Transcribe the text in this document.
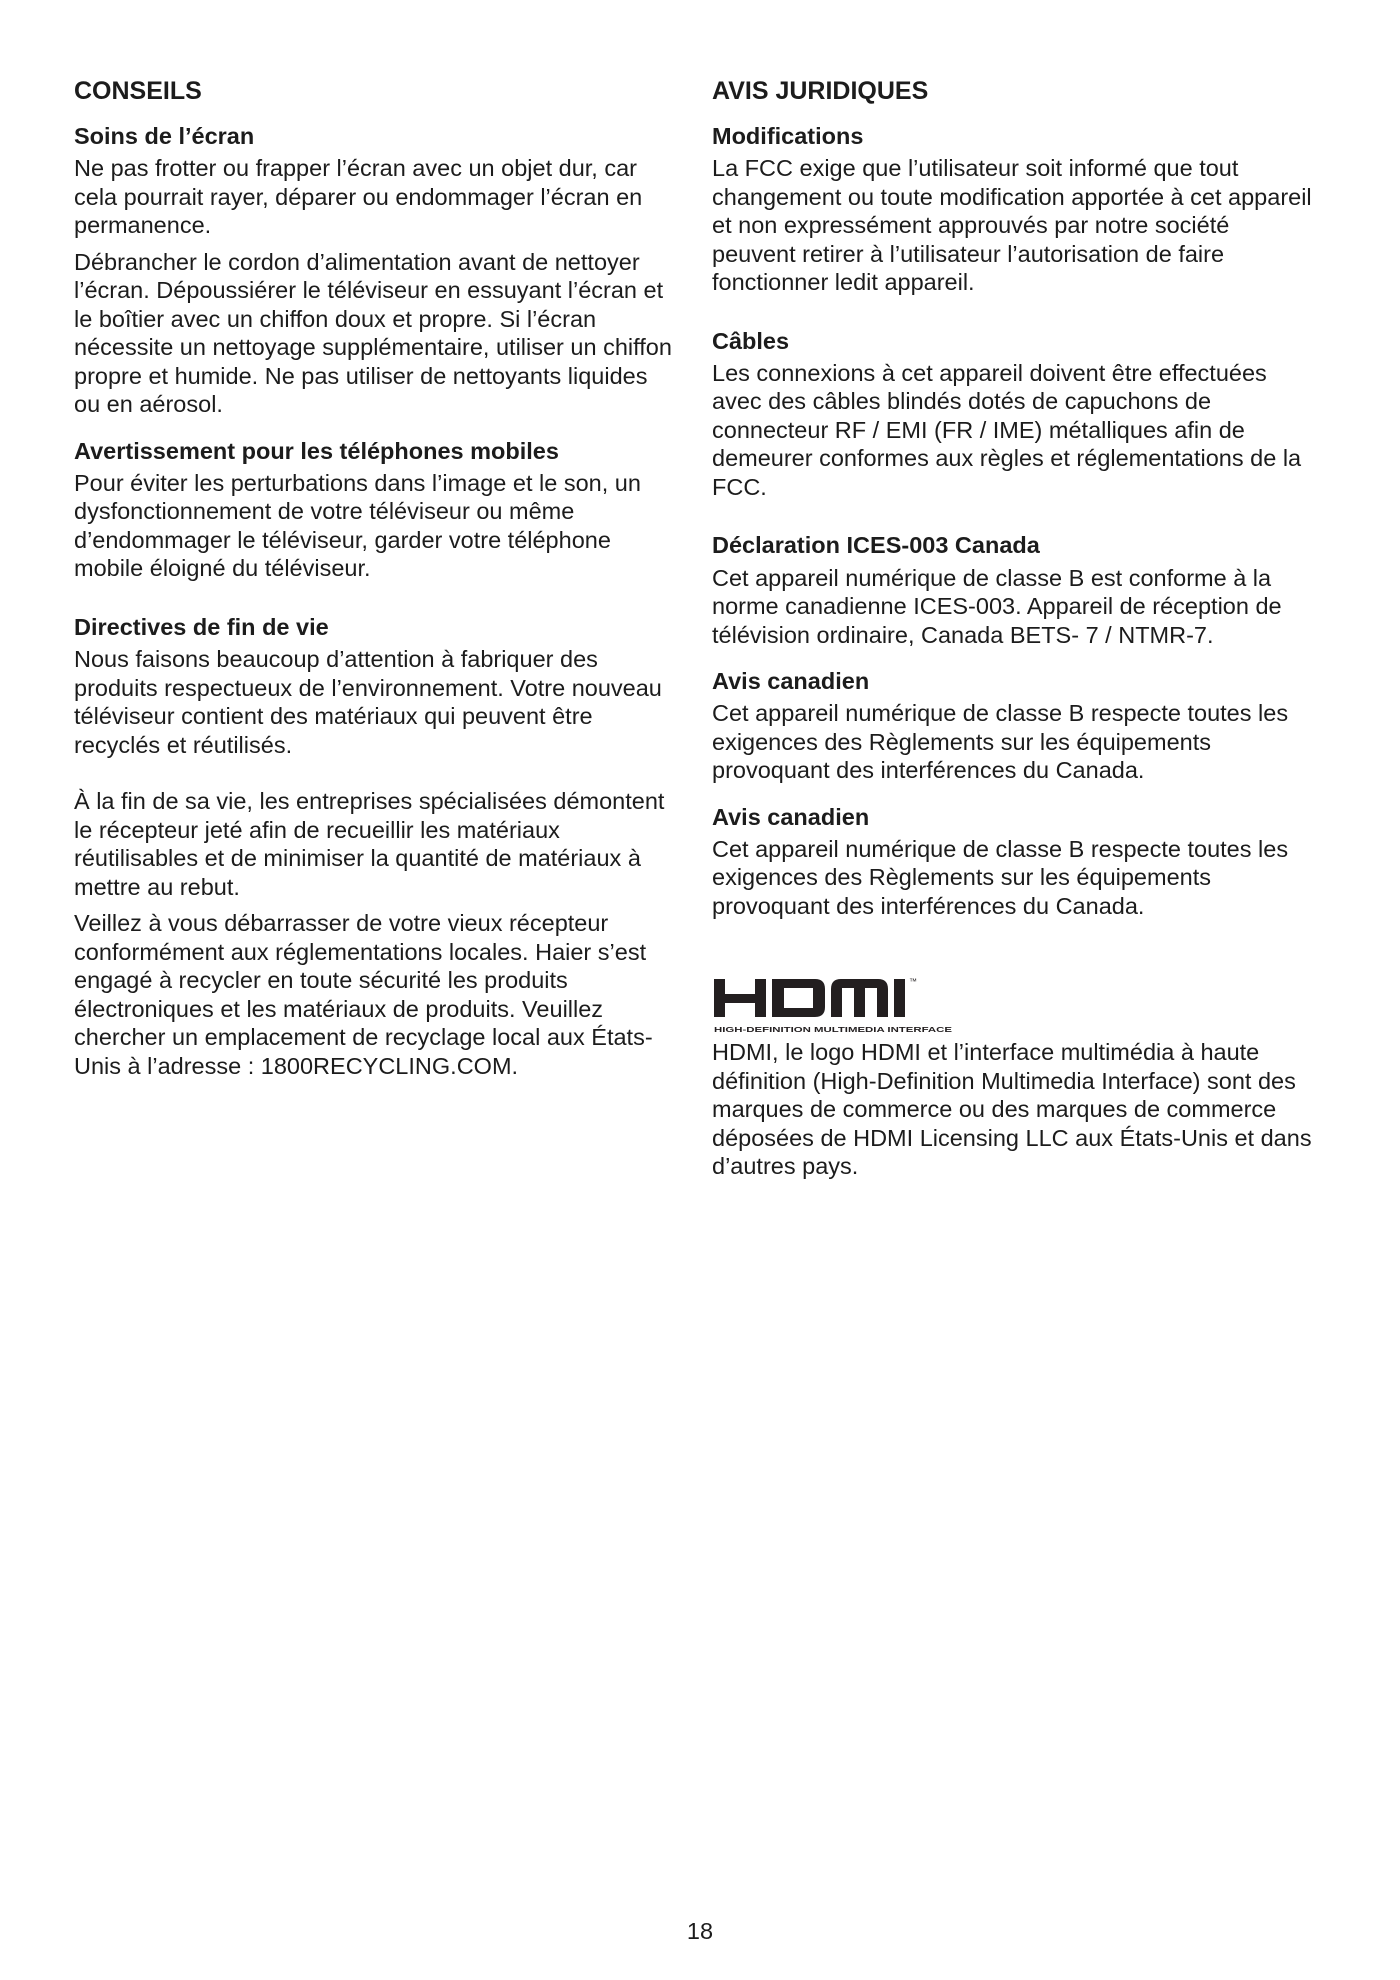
CONSEILS
Soins de l’écran

Ne pas frotter ou frapper l’écran avec un objet dur, car cela pourrait rayer, déparer ou endommager l’écran en permanence.

Débrancher le cordon d’alimentation avant de nettoyer l’écran. Dépoussiérer le téléviseur en essuyant l’écran et le boîtier avec un chiffon doux et propre. Si l’écran nécessite un nettoyage supplémentaire, utiliser un chiffon propre et humide. Ne pas utiliser de nettoyants liquides ou en aérosol.

Avertissement pour les téléphones mobiles

Pour éviter les perturbations dans l’image et le son, un dysfonctionnement de votre téléviseur ou même d’endommager le téléviseur, garder votre téléphone mobile éloigné du téléviseur.

Directives de fin de vie

Nous faisons beaucoup d’attention à fabriquer des produits respectueux de l’environnement. Votre nouveau téléviseur contient des matériaux qui peuvent être recyclés et réutilisés.

À la fin de sa vie, les entreprises spécialisées démontent le récepteur jeté afin de recueillir les matériaux réutilisables et de minimiser la quantité de matériaux à mettre au rebut.

Veillez à vous débarrasser de votre vieux récepteur conformément aux réglementations locales. Haier s’est engagé à recycler en toute sécurité les produits électroniques et les matériaux de produits. Veuillez chercher un emplacement de recyclage local aux États-Unis à l’adresse : 1800RECYCLING.COM.

AVIS JURIDIQUES
Modifications

La FCC exige que l’utilisateur soit informé que tout changement ou toute modification apportée à cet appareil et non expressément approuvés par notre société peuvent retirer à l’utilisateur l’autorisation de faire fonctionner ledit appareil.

Câbles

Les connexions à cet appareil doivent être effectuées avec des câbles blindés dotés de capuchons de connecteur RF / EMI (FR / IME) métalliques afin de demeurer conformes aux règles et réglementations de la FCC.

Déclaration ICES-003 Canada

Cet appareil numérique de classe B est conforme à la norme canadienne ICES-003. Appareil de réception de télévision ordinaire, Canada BETS- 7 / NTMR-7.

Avis canadien

Cet appareil numérique de classe B respecte toutes les exigences des Règlements sur les équipements provoquant des interférences du Canada.

Avis canadien

Cet appareil numérique de classe B respecte toutes les exigences des Règlements sur les équipements provoquant des interférences du Canada.

™
HIGH-DEFINITION MULTIMEDIA INTERFACE

HDMI, le logo HDMI et l’interface multimédia à haute définition (High-Definition Multimedia Interface) sont des marques de commerce ou des marques de commerce déposées de HDMI Licensing LLC aux États-Unis et dans d’autres pays.

18
